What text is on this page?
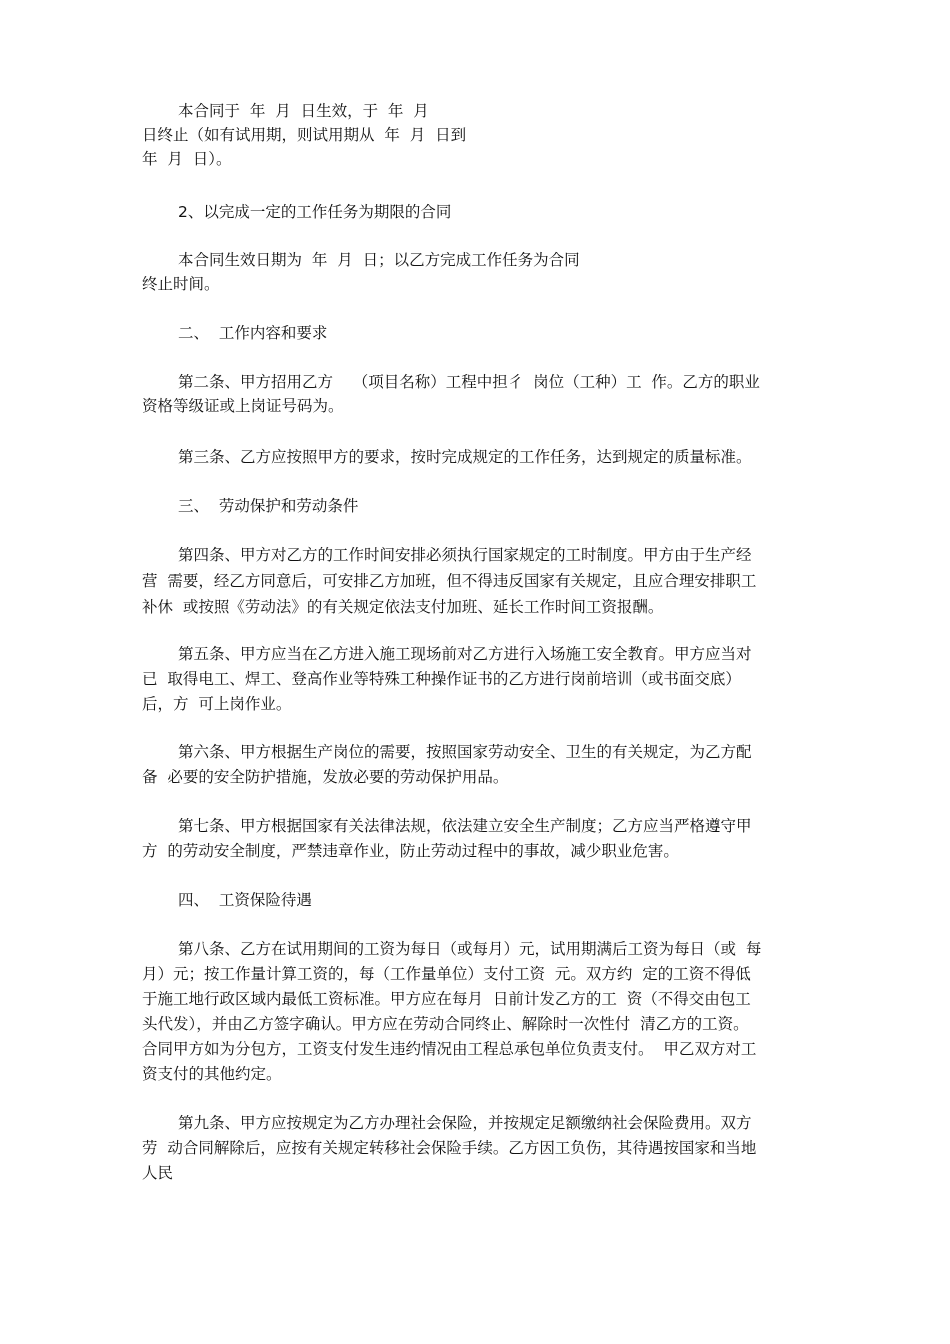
本合同于  年  月  日生效，于  年  月
日终止（如有试用期，则试用期从  年  月  日到
年  月  日）。
2、以完成一定的工作任务为期限的合同
本合同生效日期为  年  月  日；以乙方完成工作任务为合同
终止时间。
二、  工作内容和要求
第二条、甲方招用乙方    （项目名称）工程中担彳  岗位（工种）工  作。乙方的职业
资格等级证或上岗证号码为。
第三条、乙方应按照甲方的要求，按时完成规定的工作任务，达到规定的质量标准。
三、  劳动保护和劳动条件
第四条、甲方对乙方的工作时间安排必须执行国家规定的工时制度。甲方由于生产经
营  需要，经乙方同意后，可安排乙方加班，但不得违反国家有关规定，且应合理安排职工
补休  或按照《劳动法》的有关规定依法支付加班、延长工作时间工资报酬。
第五条、甲方应当在乙方进入施工现场前对乙方进行入场施工安全教育。甲方应当对
已  取得电工、焊工、登高作业等特殊工种操作证书的乙方进行岗前培训（或书面交底）
后，方  可上岗作业。
第六条、甲方根据生产岗位的需要，按照国家劳动安全、卫生的有关规定，为乙方配
备  必要的安全防护措施，发放必要的劳动保护用品。
第七条、甲方根据国家有关法律法规，依法建立安全生产制度；乙方应当严格遵守甲
方  的劳动安全制度，严禁违章作业，防止劳动过程中的事故，减少职业危害。
四、  工资保险待遇
第八条、乙方在试用期间的工资为每日（或每月）元，试用期满后工资为每日（或  每
月）元；按工作量计算工资的，每（工作量单位）支付工资  元。双方约  定的工资不得低
于施工地行政区域内最低工资标准。甲方应在每月  日前计发乙方的工  资（不得交由包工
头代发），并由乙方签字确认。甲方应在劳动合同终止、解除时一次性付  清乙方的工资。
合同甲方如为分包方，工资支付发生违约情况由工程总承包单位负责支付。  甲乙双方对工
资支付的其他约定。
第九条、甲方应按规定为乙方办理社会保险，并按规定足额缴纳社会保险费用。双方
劳  动合同解除后，应按有关规定转移社会保险手续。乙方因工负伤，其待遇按国家和当地
人民
